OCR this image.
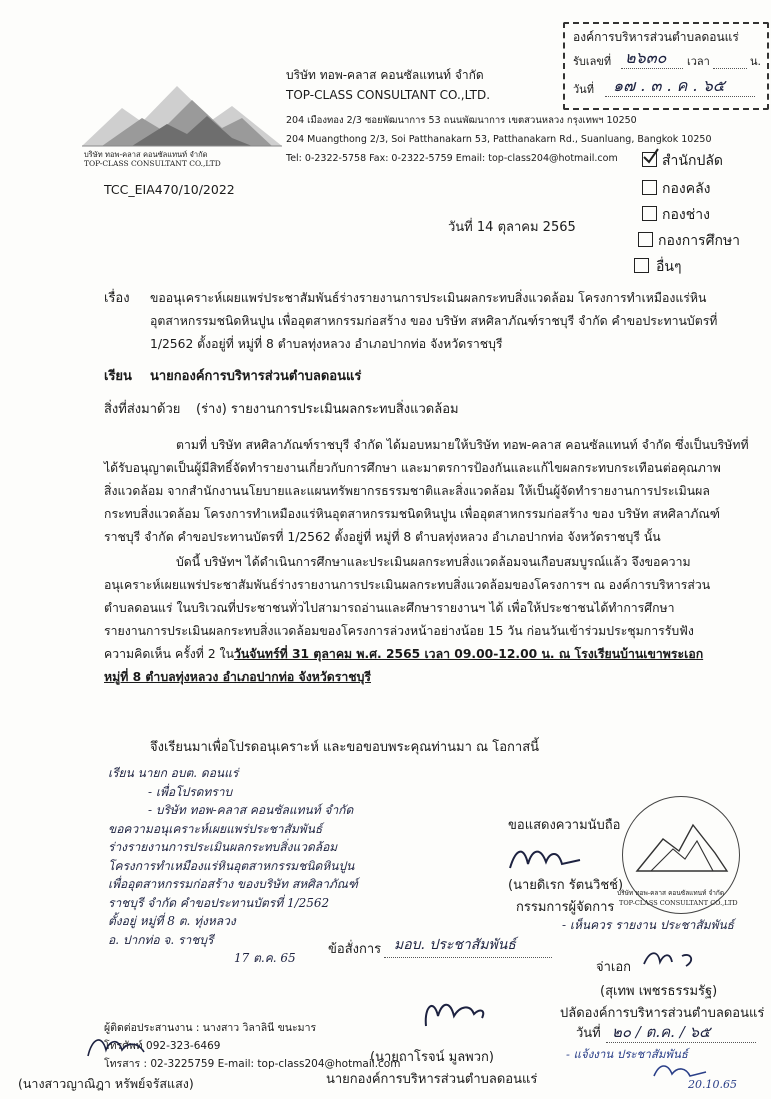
องค์การบริหารส่วนตำบลดอนแร่
รับเลขที่ ๒๖๓๐ เวลา	น.
วันที่ ๑๗ . ๓ . ค . ๖๕
สำนักปลัด
กองคลัง
กองช่าง
กองการศึกษา
อื่นๆ
บริษัท ทอพ-คลาส คอนซัลแทนท์ จำกัด
TOP-CLASS CONSULTANT CO.,LTD
บริษัท ทอพ-คลาส คอนซัลแทนท์ จำกัด
TOP-CLASS CONSULTANT CO.,LTD.
204 เมืองทอง 2/3 ซอยพัฒนาการ 53 ถนนพัฒนาการ เขตสวนหลวง กรุงเทพฯ 10250
204 Muangthong 2/3, Soi Patthanakarn 53, Patthanakarn Rd., Suanluang, Bangkok 10250
Tel: 0-2322-5758 Fax: 0-2322-5759 Email: top-class204@hotmail.com
TCC_EIA470/10/2022
วันที่ 14 ตุลาคม 2565
เรื่อง ขออนุเคราะห์เผยแพร่ประชาสัมพันธ์ร่างรายงานการประเมินผลกระทบสิ่งแวดล้อม โครงการทำเหมืองแร่หิน
อุตสาหกรรมชนิดหินปูน เพื่ออุตสาหกรรมก่อสร้าง ของ บริษัท สหศิลาภัณฑ์ราชบุรี จำกัด คำขอประทานบัตรที่
1/2562 ตั้งอยู่ที่ หมู่ที่ 8 ตำบลทุ่งหลวง อำเภอปากท่อ จังหวัดราชบุรี
เรียน นายกองค์การบริหารส่วนตำบลดอนแร่
สิ่งที่ส่งมาด้วย (ร่าง) รายงานการประเมินผลกระทบสิ่งแวดล้อม
ตามที่ บริษัท สหศิลาภัณฑ์ราชบุรี จำกัด ได้มอบหมายให้บริษัท ทอพ-คลาส คอนซัลแทนท์ จำกัด ซึ่งเป็นบริษัทที่
ได้รับอนุญาตเป็นผู้มีสิทธิ์จัดทำรายงานเกี่ยวกับการศึกษา และมาตรการป้องกันและแก้ไขผลกระทบกระเทือนต่อคุณภาพ
สิ่งแวดล้อม จากสำนักงานนโยบายและแผนทรัพยากรธรรมชาติและสิ่งแวดล้อม ให้เป็นผู้จัดทำรายงานการประเมินผล
กระทบสิ่งแวดล้อม โครงการทำเหมืองแร่หินอุตสาหกรรมชนิดหินปูน เพื่ออุตสาหกรรมก่อสร้าง ของ บริษัท สหศิลาภัณฑ์
ราชบุรี จำกัด คำขอประทานบัตรที่ 1/2562 ตั้งอยู่ที่ หมู่ที่ 8 ตำบลทุ่งหลวง อำเภอปากท่อ จังหวัดราชบุรี นั้น
บัดนี้ บริษัทฯ ได้ดำเนินการศึกษาและประเมินผลกระทบสิ่งแวดล้อมจนเกือบสมบูรณ์แล้ว จึงขอความ
อนุเคราะห์เผยแพร่ประชาสัมพันธ์ร่างรายงานการประเมินผลกระทบสิ่งแวดล้อมของโครงการฯ ณ องค์การบริหารส่วน
ตำบลดอนแร่ ในบริเวณที่ประชาชนทั่วไปสามารถอ่านและศึกษารายงานฯ ได้ เพื่อให้ประชาชนได้ทำการศึกษา
รายงานการประเมินผลกระทบสิ่งแวดล้อมของโครงการล่วงหน้าอย่างน้อย 15 วัน ก่อนวันเข้าร่วมประชุมการรับฟัง
ความคิดเห็น ครั้งที่ 2 ในวันจันทร์ที่ 31 ตุลาคม พ.ศ. 2565 เวลา 09.00-12.00 น. ณ โรงเรียนบ้านเขาพระเอก
หมู่ที่ 8 ตำบลทุ่งหลวง อำเภอปากท่อ จังหวัดราชบุรี
จึงเรียนมาเพื่อโปรดอนุเคราะห์ และขอขอบพระคุณท่านมา ณ โอกาสนี้
เรียน นายก อบต. ดอนแร่
- เพื่อโปรดทราบ
- บริษัท ทอพ-คลาส คอนซัลแทนท์ จำกัด
ขอความอนุเคราะห์เผยแพร่ประชาสัมพันธ์
ร่างรายงานการประเมินผลกระทบสิ่งแวดล้อม
โครงการทำเหมืองแร่หินอุตสาหกรรมชนิดหินปูน
เพื่ออุตสาหกรรมก่อสร้าง ของบริษัท สหศิลาภัณฑ์
ราชบุรี จำกัด คำขอประทานบัตรที่ 1/2562
ตั้งอยู่ หมู่ที่ 8 ต. ทุ่งหลวง
อ. ปากท่อ จ. ราชบุรี
17 ต.ค. 65
ขอแสดงความนับถือ
(นายดิเรก รัตนวิชช์)
กรรมการผู้จัดการ
บริษัท ทอพ-คลาส คอนซัลแทนท์ จำกัด
TOP-CLASS CONSULTANT CO.,LTD
- เห็นควร รายงาน ประชาสัมพันธ์
จ่าเอก
(สุเทพ เพชรธรรมรัฐ)
ปลัดองค์การบริหารส่วนตำบลดอนแร่
วันที่ ๒๐ / ต.ค. / ๖๕
ข้อสั่งการ มอบ. ประชาสัมพันธ์
(นายถาโรจน์ มูลพวก)
นายกองค์การบริหารส่วนตำบลดอนแร่
ผู้ติดต่อประสานงาน : นางสาว วิลาลินี ขนะมาร
โทรศัพท์ 092-323-6469
โทรสาร : 02-3225759 E-mail: top-class204@hotmail.com
(นางสาวญาณิฎา หรัพย์จรัสแสง)
- แจ้งงาน ประชาสัมพันธ์
20.10.65
